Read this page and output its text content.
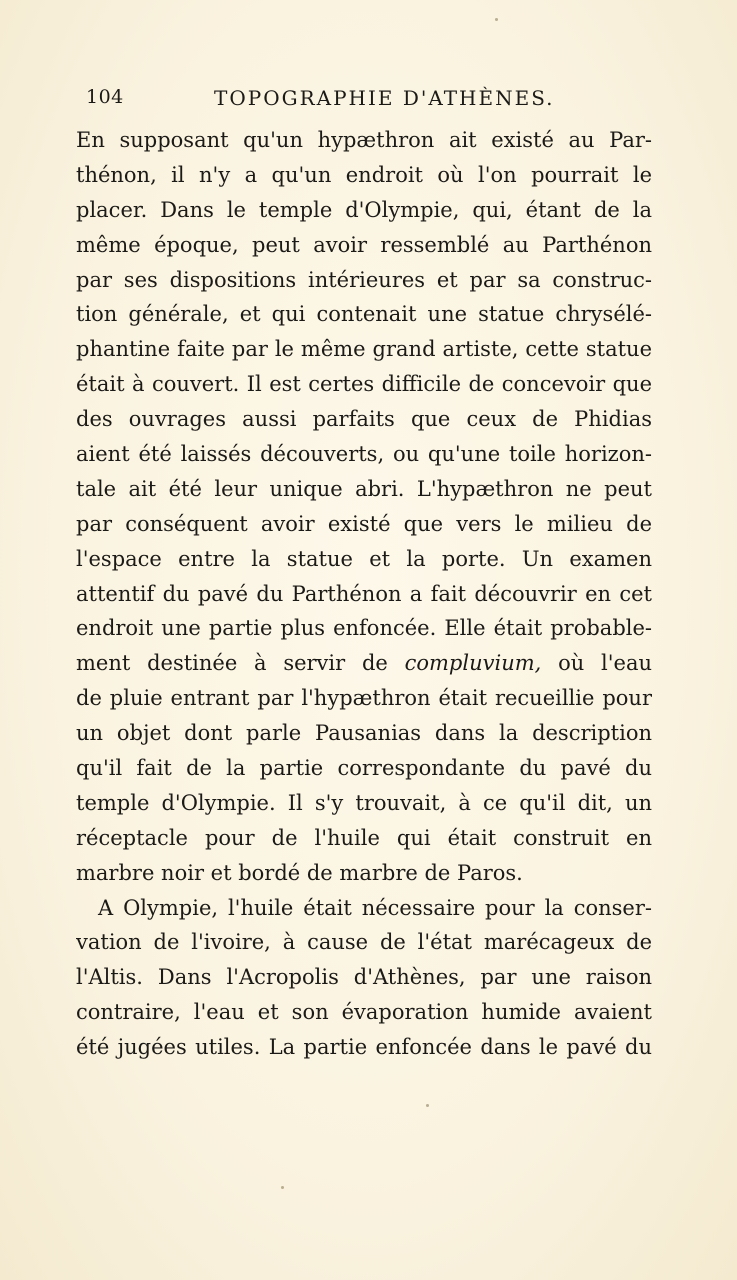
104	TOPOGRAPHIE D'ATHÈNES.
En supposant qu'un hypæthron ait existé au Par-
thénon, il n'y a qu'un endroit où l'on pourrait le
placer. Dans le temple d'Olympie, qui, étant de la
même époque, peut avoir ressemblé au Parthénon
par ses dispositions intérieures et par sa construc-
tion générale, et qui contenait une statue chrysélé-
phantine faite par le même grand artiste, cette statue
était à couvert. Il est certes difficile de concevoir que
des ouvrages aussi parfaits que ceux de Phidias
aient été laissés découverts, ou qu'une toile horizon-
tale ait été leur unique abri. L'hypæthron ne peut
par conséquent avoir existé que vers le milieu de
l'espace entre la statue et la porte. Un examen
attentif du pavé du Parthénon a fait découvrir en cet
endroit une partie plus enfoncée. Elle était probable-
ment destinée à servir de compluvium, où l'eau
de pluie entrant par l'hypæthron était recueillie pour
un objet dont parle Pausanias dans la description
qu'il fait de la partie correspondante du pavé du
temple d'Olympie. Il s'y trouvait, à ce qu'il dit, un
réceptacle pour de l'huile qui était construit en
marbre noir et bordé de marbre de Paros.
A Olympie, l'huile était nécessaire pour la conser-
vation de l'ivoire, à cause de l'état marécageux de
l'Altis. Dans l'Acropolis d'Athènes, par une raison
contraire, l'eau et son évaporation humide avaient
été jugées utiles. La partie enfoncée dans le pavé du
